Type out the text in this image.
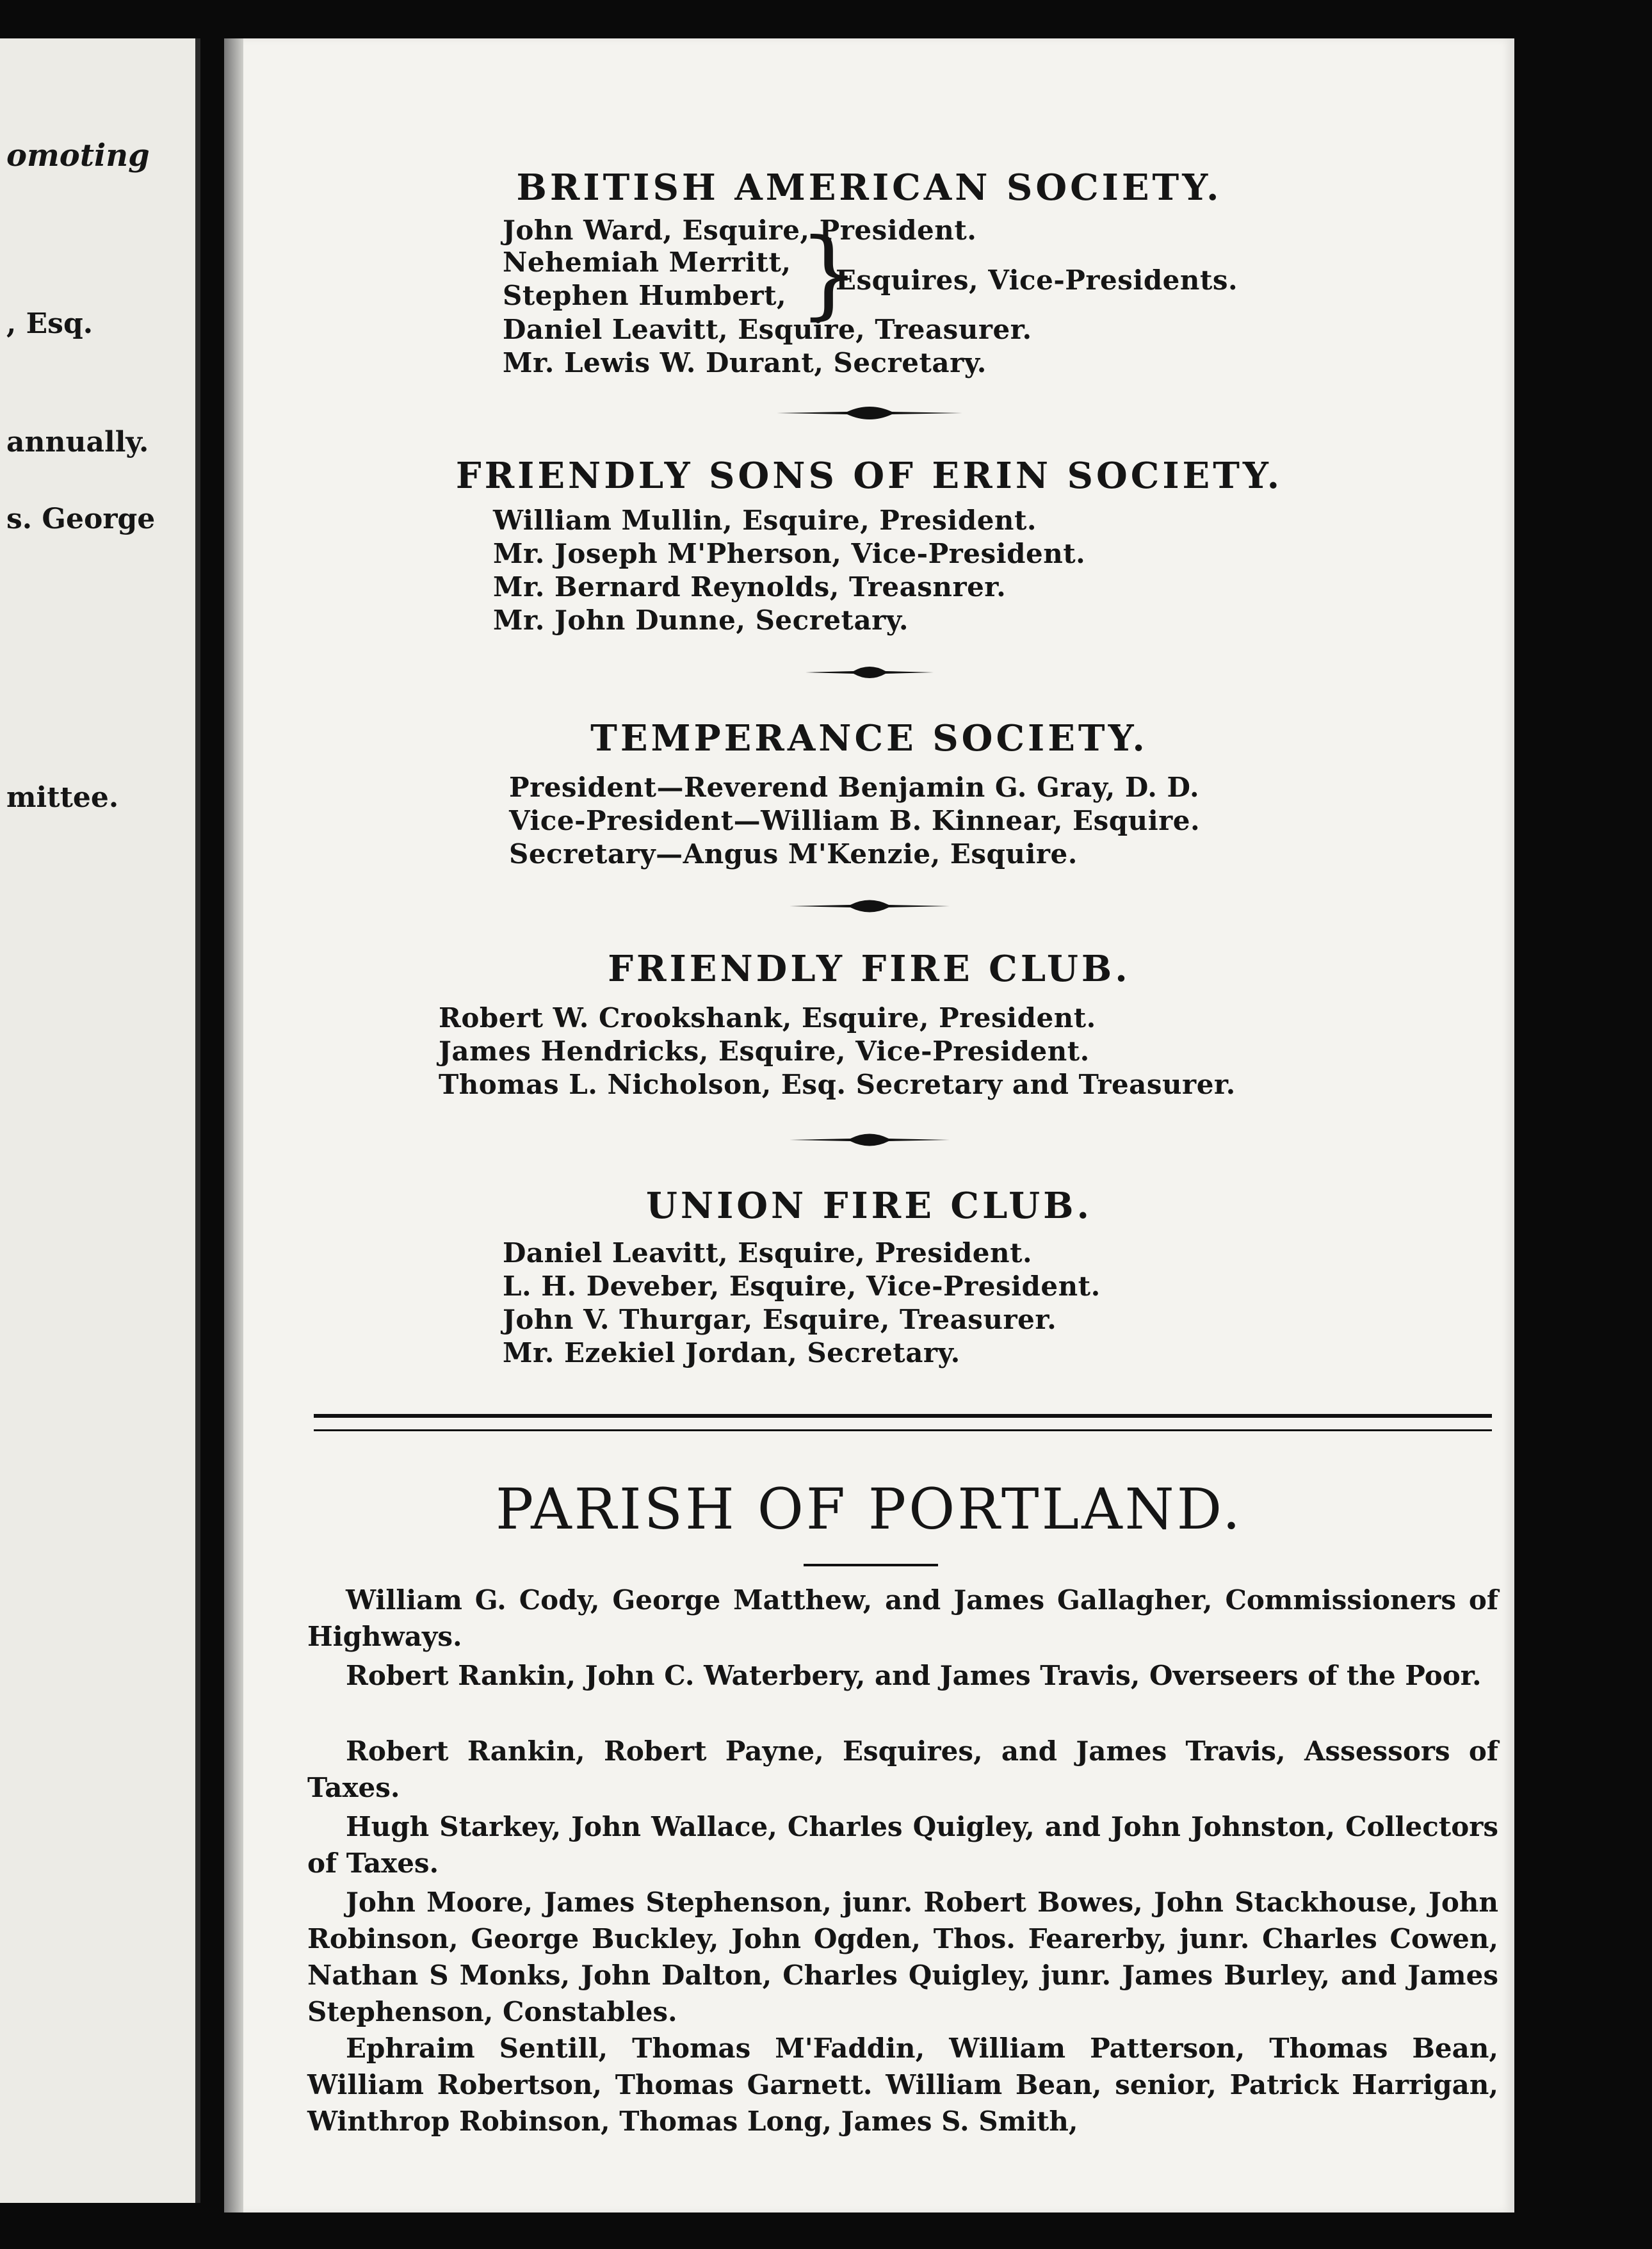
omoting
, Esq.
annually.
s. George
mittee.
BRITISH AMERICAN SOCIETY.
John Ward, Esquire, President.
Nehemiah Merritt,
Stephen Humbert, }
Esquires, Vice-Presidents.
Daniel Leavitt, Esquire, Treasurer.
Mr. Lewis W. Durant, Secretary.
FRIENDLY SONS OF ERIN SOCIETY.
William Mullin, Esquire, President.
Mr. Joseph M'Pherson, Vice-President.
Mr. Bernard Reynolds, Treasnrer.
Mr. John Dunne, Secretary.
TEMPERANCE SOCIETY.
President—Reverend Benjamin G. Gray, D. D.
Vice-President—William B. Kinnear, Esquire.
Secretary—Angus M'Kenzie, Esquire.
FRIENDLY FIRE CLUB.
Robert W. Crookshank, Esquire, President.
James Hendricks, Esquire, Vice-President.
Thomas L. Nicholson, Esq. Secretary and Treasurer.
UNION FIRE CLUB.
Daniel Leavitt, Esquire, President.
L. H. Deveber, Esquire, Vice-President.
John V. Thurgar, Esquire, Treasurer.
Mr. Ezekiel Jordan, Secretary.
PARISH OF PORTLAND.
William G. Cody, George Matthew, and James Gallagher, Commissioners of Highways.
Robert Rankin, John C. Waterbery, and James Travis, Overseers of the Poor.
Robert Rankin, Robert Payne, Esquires, and James Travis, Assessors of Taxes.
Hugh Starkey, John Wallace, Charles Quigley, and John Johnston, Collectors of Taxes.
John Moore, James Stephenson, junr. Robert Bowes, John Stackhouse, John Robinson, George Buckley, John Ogden, Thos. Fearerby, junr. Charles Cowen, Nathan S Monks, John Dalton, Charles Quigley, junr. James Burley, and James Stephenson, Constables.
Ephraim Sentill, Thomas M'Faddin, William Patterson, Thomas Bean, William Robertson, Thomas Garnett. William Bean, senior, Patrick Harrigan, Winthrop Robinson, Thomas Long, James S. Smith,
